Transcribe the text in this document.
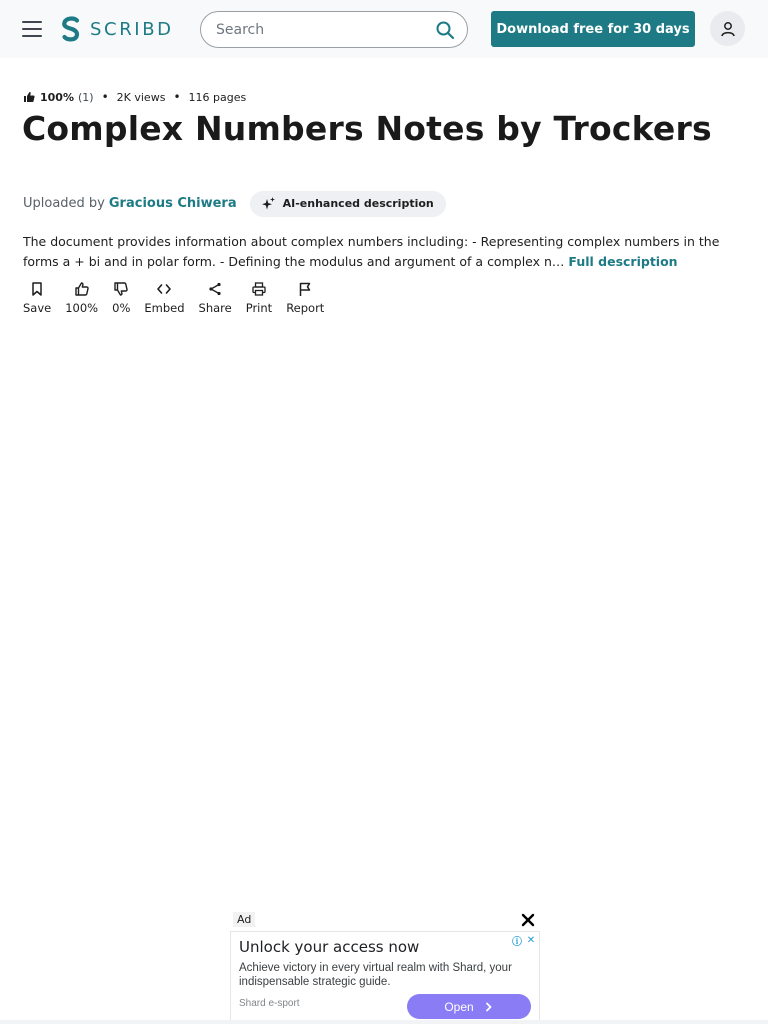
SCRIBD
Search	Download free for 30 days
100% (1) • 2K views • 116 pages
Complex Numbers Notes by Trockers
Uploaded by Gracious Chiwera	AI-enhanced description

The document provides information about complex numbers including: - Representing complex numbers in the forms a + bi and in polar form. - Defining the modulus and argument of a complex n… Full description

Save 100% 0% Embed Share Print Report
Ad
ⓘ ✕
Unlock your access now
Achieve victory in every virtual realm with Shard, your indispensable strategic guide.
Shard e-sport	Open
